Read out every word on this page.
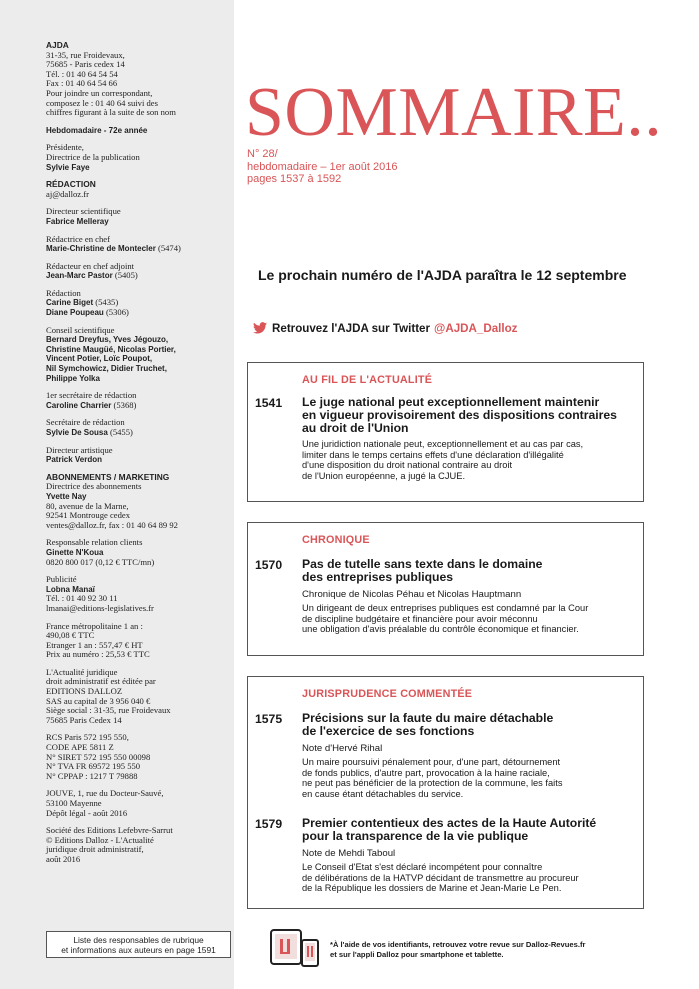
AJDA
31-35, rue Froidevaux,
75685 - Paris cedex 14
Tél. : 01 40 64 54 54
Fax : 01 40 64 54 66
Pour joindre un correspondant,
composez le : 01 40 64 suivi des
chiffres figurant à la suite de son nom
Hebdomadaire - 72e année
Présidente,
Directrice de la publication
Sylvie Faye
RÉDACTION
aj@dalloz.fr
Directeur scientifique
Fabrice Melleray
Rédactrice en chef
Marie-Christine de Montecler (5474)
Rédacteur en chef adjoint
Jean-Marc Pastor (5405)
Rédaction
Carine Biget (5435)
Diane Poupeau (5306)
Conseil scientifique
Bernard Dreyfus, Yves Jégouzo,
Christine Maugüé, Nicolas Portier,
Vincent Potier, Loïc Poupot,
Nil Symchowicz, Didier Truchet,
Philippe Yolka
1er secrétaire de rédaction
Caroline Charrier (5368)
Secrétaire de rédaction
Sylvie De Sousa (5455)
Directeur artistique
Patrick Verdon
ABONNEMENTS / MARKETING
Directrice des abonnements
Yvette Nay
80, avenue de la Marne,
92541 Montrouge cedex
ventes@dalloz.fr, fax : 01 40 64 89 92
Responsable relation clients
Ginette N'Koua
0820 800 017 (0,12 € TTC/mn)
Publicité
Lobna Manaï
Tél. : 01 40 92 30 11
lmanai@editions-legislatives.fr
France métropolitaine 1 an :
490,08 € TTC
Etranger 1 an : 557,47 € HT
Prix au numéro : 25,53 € TTC
L'Actualité juridique
droit administratif est éditée par
EDITIONS DALLOZ
SAS au capital de 3 956 040 €
Siège social : 31-35, rue Froidevaux
75685 Paris Cedex 14
RCS Paris 572 195 550,
CODE APE 5811 Z
N° SIRET 572 195 550 00098
N° TVA FR 69572 195 550
N° CPPAP : 1217 T 79888
JOUVE, 1, rue du Docteur-Sauvé,
53100 Mayenne
Dépôt légal - août 2016
Société des Editions Lefebvre-Sarrut
© Editions Dalloz - L'Actualité
juridique droit administratif,
août 2016
Liste des responsables de rubrique
et informations aux auteurs en page 1591
SOMMAIRE..
N° 28/
hebdomadaire – 1er août 2016
pages 1537 à 1592
Le prochain numéro de l'AJDA paraîtra le 12 septembre
Retrouvez l'AJDA sur Twitter @AJDA_Dalloz
AU FIL DE L'ACTUALITÉ
1541 Le juge national peut exceptionnellement maintenir
en vigueur provisoirement des dispositions contraires
au droit de l'Union
Une juridiction nationale peut, exceptionnellement et au cas par cas,
limiter dans le temps certains effets d'une déclaration d'illégalité
d'une disposition du droit national contraire au droit
de l'Union européenne, a jugé la CJUE.
CHRONIQUE
1570 Pas de tutelle sans texte dans le domaine
des entreprises publiques
Chronique de Nicolas Péhau et Nicolas Hauptmann
Un dirigeant de deux entreprises publiques est condamné par la Cour
de discipline budgétaire et financière pour avoir méconnu
une obligation d'avis préalable du contrôle économique et financier.
JURISPRUDENCE COMMENTÉE
1575 Précisions sur la faute du maire détachable
de l'exercice de ses fonctions
Note d'Hervé Rihal
Un maire poursuivi pénalement pour, d'une part, détournement
de fonds publics, d'autre part, provocation à la haine raciale,
ne peut pas bénéficier de la protection de la commune, les faits
en cause étant détachables du service.
1579 Premier contentieux des actes de la Haute Autorité
pour la transparence de la vie publique
Note de Mehdi Taboul
Le Conseil d'Etat s'est déclaré incompétent pour connaître
de délibérations de la HATVP décidant de transmettre au procureur
de la République les dossiers de Marine et Jean-Marie Le Pen.
*À l'aide de vos identifiants, retrouvez votre revue sur Dalloz-Revues.fr
et sur l'appli Dalloz pour smartphone et tablette.
